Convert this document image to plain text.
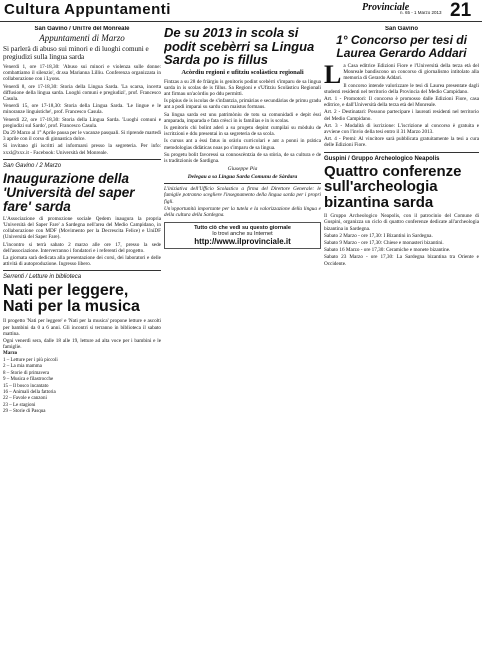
Cultura Appuntamenti	Provinciale
n. 65 - 1 Marzo 2013 21
San Gavino / UniTre del Monreale
Appuntamenti di Marzo
Si parlerà di abuso sui minori e di luoghi comuni e pregiudizi sulla lingua sarda

Venerdì 1, ore 17-18,30: 'Abuso sui minori e violenza sulle donne: combattiamo il silenzio', dr.ssa Marianna Lilliu. Conferenza organizzata in collaborazione con i Lyons.

Venerdì 8, ore 17-18,30: Storia della Lingua Sarda. 'La scarsa, incerta diffusione della lingua sarda. Luoghi comuni e pregiudizi', prof. Francesco Casula.

Venerdì 15, ore 17-18,30: Storia della Lingua Sarda. 'Le lingue e le minoranze linguistiche', prof. Francesco Casula.

Venerdì 22, ore 17-18,30: Storia della Lingua Sarda. 'Luoghi comuni e pregiudizi sul Sardo', prof. Francesco Casula.

Da 29 Marzo al 1° Aprile pausa per le vacanze pasquali. Si riprende martedì 3 aprile con il corso di ginnastica dolce.

Si invitano gli iscritti ad informarsi presso la segreteria. Per info: xxxl@xxx.it - Facebook: Università del Monreale.

San Gavino / 2 Marzo
Inaugurazione della 'Università del saper fare' sarda

L'Associazione di promozione sociale Qedem inaugura la propria 'Università del Saper Fare' a Sardegna nell'area del Medio Campidano, in collaborazione con MDF (Movimento per la Decrescita Felice) e UniDF (Università del Saper Fare).

L'incontro si terrà sabato 2 marzo alle ore 17, presso la sede dell'associazione. Interverranno i fondatori e i referenti del progetto.

La giornata sarà dedicata alla presentazione dei corsi, dei laboratori e delle attività di autoproduzione. Ingresso libero.

Serrenti / Letture in biblioteca
Nati per leggere, Nati per la musica

Il progetto 'Nati per leggere' e 'Nati per la musica' propone letture e ascolti per bambini da 0 a 6 anni. Gli incontri si terranno in biblioteca il sabato mattina.

Ogni venerdì sera, dalle 18 alle 19, letture ad alta voce per i bambini e le famiglie.

Marzo
1 – Letture per i più piccoli
2 – La mia mamma
8 – Storie di primavera
9 – Musica e filastrocche
15 – Il bosco incantato
16 – Animali della fattoria
22 – Favole e canzoni
23 – Le stagioni
29 – Storie di Pasqua
De su 2013 in scola si podit scebèrri sa Lingua Sarda po is fillus
Acòrdiu regioni e ufitziu scolàsticu regionali

Fintzas a su 28 de friàrgiu is genitoris podint scebèrri s'imparu de sa lingua sarda in is scolas de is fillus. Sa Regioni e s'Ufitziu Scolàsticu Regionali ant firmau un'acòrdiu po ddu permìtti.

Is pipius de is iscolas de s'infantzia, primàrias e secundàrias de primu gradu ant a podi imparai su sardu cun maistus formaus.

Sa lingua sarda est unu patrimòniu de totu sa comunidadi e depit èssi amparada, imparada e fata crèsci in is familias e in is scolas.

Is genitoris chi bolint aderì a su progetu depint cumpilai su mòdulu de iscritzioni e ddu presentai in sa segreteria de sa scola.

Is cursus ant a èssi fatus in oràriu curricolari e ant a ponni in pràtica metodologias didàticas noas po s'imparu de sa lingua.

Su progetu bolit favoressi sa connoscèntzia de sa stòria, de sa cultura e de is traditzionis de Sardigna.

Giuseppe Pia
Delegau a sa Lingua Sarda Comunu de Sàrdara

L'iniziativa dell'Ufficio Scolastico a firma del Direttore Generale: le famiglie potranno scegliere l'insegnamento della lingua sarda per i propri figli.

Un'opportunità importante per la tutela e la valorizzazione della lingua e della cultura della Sardegna.

Tutto ciò che vedi su questo giornale
lo trovi anche su Internet
http://www.ilprovinciale.it
San Gavino
1° Concorso per tesi di Laurea Gerardo Addari

La Casa editrice Edizioni Fiore e l'Università della terza età del Monreale bandiscono un concorso di giornalismo intitolato alla memoria di Gerardo Addari.

Il concorso intende valorizzare le tesi di Laurea presentate dagli studenti residenti nel territorio della Provincia del Medio Campidano.

Art. 1 - Promotori: Il concorso è promosso dalle Edizioni Fiore, casa editrice, e dall'Università della terza età del Monreale.

Art. 2 - Destinatari: Possono partecipare i laureati residenti nel territorio del Medio Campidano.

Art. 3 - Modalità di iscrizione: L'iscrizione al concorso è gratuita e avviene con l'invio della tesi entro il 31 Marzo 2013.

Art. 4 - Premi: Al vincitore sarà pubblicata gratuitamente la tesi a cura delle Edizioni Fiore.

Guspini / Gruppo Archeologico Neapolis
Quattro conferenze sull'archeologia bizantina sarda

Il Gruppo Archeologico Neapolis, con il patrocinio del Comune di Guspini, organizza un ciclo di quattro conferenze dedicate all'archeologia bizantina in Sardegna.

Sabato 2 Marzo - ore 17,30: I Bizantini in Sardegna.

Sabato 9 Marzo - ore 17,30: Chiese e monasteri bizantini.

Sabato 16 Marzo - ore 17,30: Ceramiche e monete bizantine.

Sabato 23 Marzo - ore 17,30: La Sardegna bizantina tra Oriente e Occidente.
